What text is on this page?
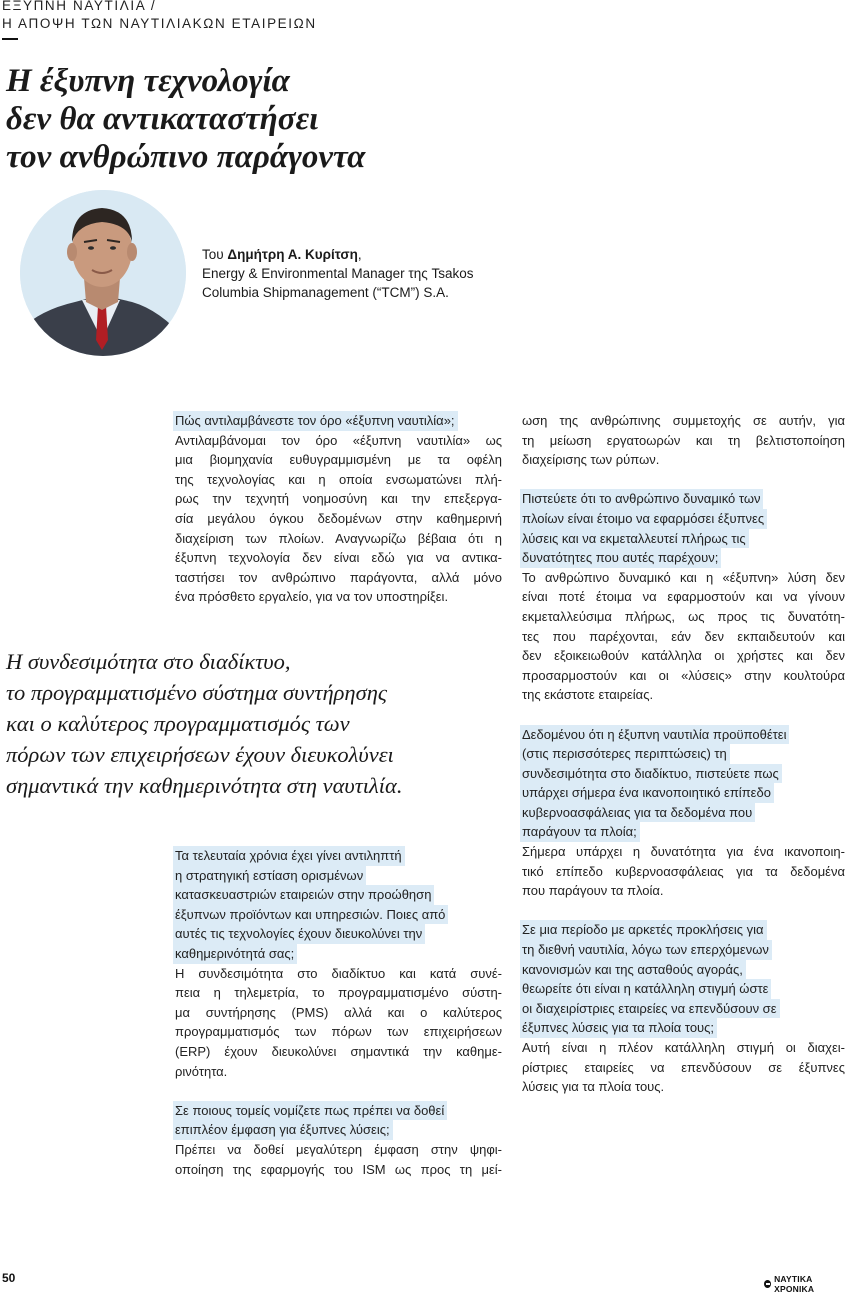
ΕΞΥΠΝΗ ΝΑΥΤΙΛΙΑ /
Η ΑΠΟΨΗ ΤΩΝ ΝΑΥΤΙΛΙΑΚΩΝ ΕΤΑΙΡΕΙΩΝ
Η έξυπνη τεχνολογία
δεν θα αντικαταστήσει
τον ανθρώπινο παράγοντα
Του Δημήτρη Α. Κυρίτση,
Energy & Environmental Manager της Tsakos
Columbia Shipmanagement (“TCM”) S.A.
Πώς αντιλαμβάνεστε τον όρο «έξυπνη ναυτιλία»;
Αντιλαμβάνομαι τον όρο «έξυπνη ναυτιλία» ως
μια βιομηχανία ευθυγραμμισμένη με τα οφέλη
της τεχνολογίας και η οποία ενσωματώνει πλή-
ρως την τεχνητή νοημοσύνη και την επεξεργα-
σία μεγάλου όγκου δεδομένων στην καθημερινή
διαχείριση των πλοίων. Αναγνωρίζω βέβαια ότι η
έξυπνη τεχνολογία δεν είναι εδώ για να αντικα-
ταστήσει τον ανθρώπινο παράγοντα, αλλά μόνο
ένα πρόσθετο εργαλείο, για να τον υποστηρίξει.
Η συνδεσιμότητα στο διαδίκτυο,
το προγραμματισμένο σύστημα συντήρησης
και ο καλύτερος προγραμματισμός των
πόρων των επιχειρήσεων έχουν διευκολύνει
σημαντικά την καθημερινότητα στη ναυτιλία.
Τα τελευταία χρόνια έχει γίνει αντιληπτή
η στρατηγική εστίαση ορισμένων
κατασκευαστριών εταιρειών στην προώθηση
έξυπνων προϊόντων και υπηρεσιών. Ποιες από
αυτές τις τεχνολογίες έχουν διευκολύνει την
καθημερινότητά σας;
Η συνδεσιμότητα στο διαδίκτυο και κατά συνέ-
πεια η τηλεμετρία, το προγραμματισμένο σύστη-
μα συντήρησης (PMS) αλλά και ο καλύτερος
προγραμματισμός των πόρων των επιχειρήσεων
(ERP) έχουν διευκολύνει σημαντικά την καθημε-
ρινότητα.
Σε ποιους τομείς νομίζετε πως πρέπει να δοθεί
επιπλέον έμφαση για έξυπνες λύσεις;
Πρέπει να δοθεί μεγαλύτερη έμφαση στην ψηφι-
οποίηση της εφαρμογής του ISM ως προς τη μεί-
ωση της ανθρώπινης συμμετοχής σε αυτήν, για
τη μείωση εργατοωρών και τη βελτιστοποίηση
διαχείρισης των ρύπων.
Πιστεύετε ότι το ανθρώπινο δυναμικό των
πλοίων είναι έτοιμο να εφαρμόσει έξυπνες
λύσεις και να εκμεταλλευτεί πλήρως τις
δυνατότητες που αυτές παρέχουν;
Το ανθρώπινο δυναμικό και η «έξυπνη» λύση δεν
είναι ποτέ έτοιμα να εφαρμοστούν και να γίνουν
εκμεταλλεύσιμα πλήρως, ως προς τις δυνατότη-
τες που παρέχονται, εάν δεν εκπαιδευτούν και
δεν εξοικειωθούν κατάλληλα οι χρήστες και δεν
προσαρμοστούν και οι «λύσεις» στην κουλτούρα
της εκάστοτε εταιρείας.
Δεδομένου ότι η έξυπνη ναυτιλία προϋποθέτει
(στις περισσότερες περιπτώσεις) τη
συνδεσιμότητα στο διαδίκτυο, πιστεύετε πως
υπάρχει σήμερα ένα ικανοποιητικό επίπεδο
κυβερνοασφάλειας για τα δεδομένα που
παράγουν τα πλοία;
Σήμερα υπάρχει η δυνατότητα για ένα ικανοποιη-
τικό επίπεδο κυβερνοασφάλειας για τα δεδομένα
που παράγουν τα πλοία.
Σε μια περίοδο με αρκετές προκλήσεις για
τη διεθνή ναυτιλία, λόγω των επερχόμενων
κανονισμών και της ασταθούς αγοράς,
θεωρείτε ότι είναι η κατάλληλη στιγμή ώστε
οι διαχειρίστριες εταιρείες να επενδύσουν σε
έξυπνες λύσεις για τα πλοία τους;
Αυτή είναι η πλέον κατάλληλη στιγμή οι διαχει-
ρίστριες εταιρείες να επενδύσουν σε έξυπνες
λύσεις για τα πλοία τους.
50	ΝΑΥΤΙΚΑ ΧΡΟΝΙΚΑ
